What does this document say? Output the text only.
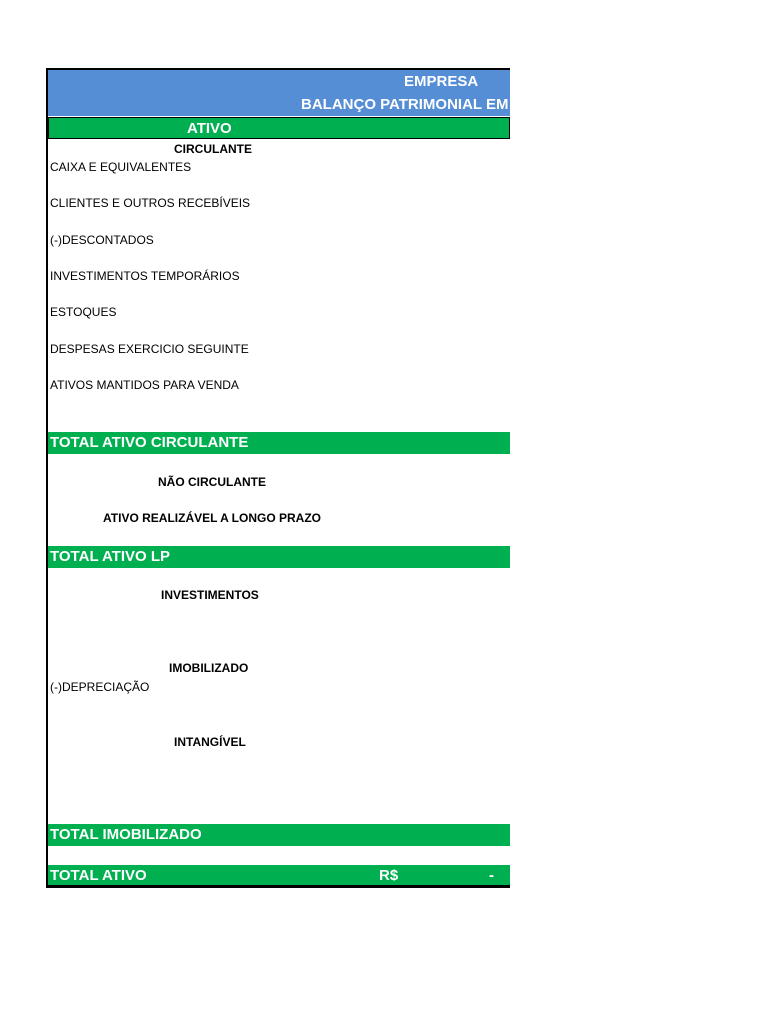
EMPRESA
BALANÇO PATRIMONIAL EM
ATIVO
CIRCULANTE
CAIXA E EQUIVALENTES
CLIENTES E OUTROS RECEBÍVEIS
(-)DESCONTADOS
INVESTIMENTOS TEMPORÁRIOS
ESTOQUES
DESPESAS EXERCICIO SEGUINTE
ATIVOS MANTIDOS PARA VENDA
TOTAL ATIVO CIRCULANTE
NÃO CIRCULANTE
ATIVO REALIZÁVEL A LONGO PRAZO
TOTAL ATIVO LP
INVESTIMENTOS
IMOBILIZADO
(-)DEPRECIAÇÃO
INTANGÍVEL
TOTAL IMOBILIZADO
TOTAL ATIVO	R$	-
